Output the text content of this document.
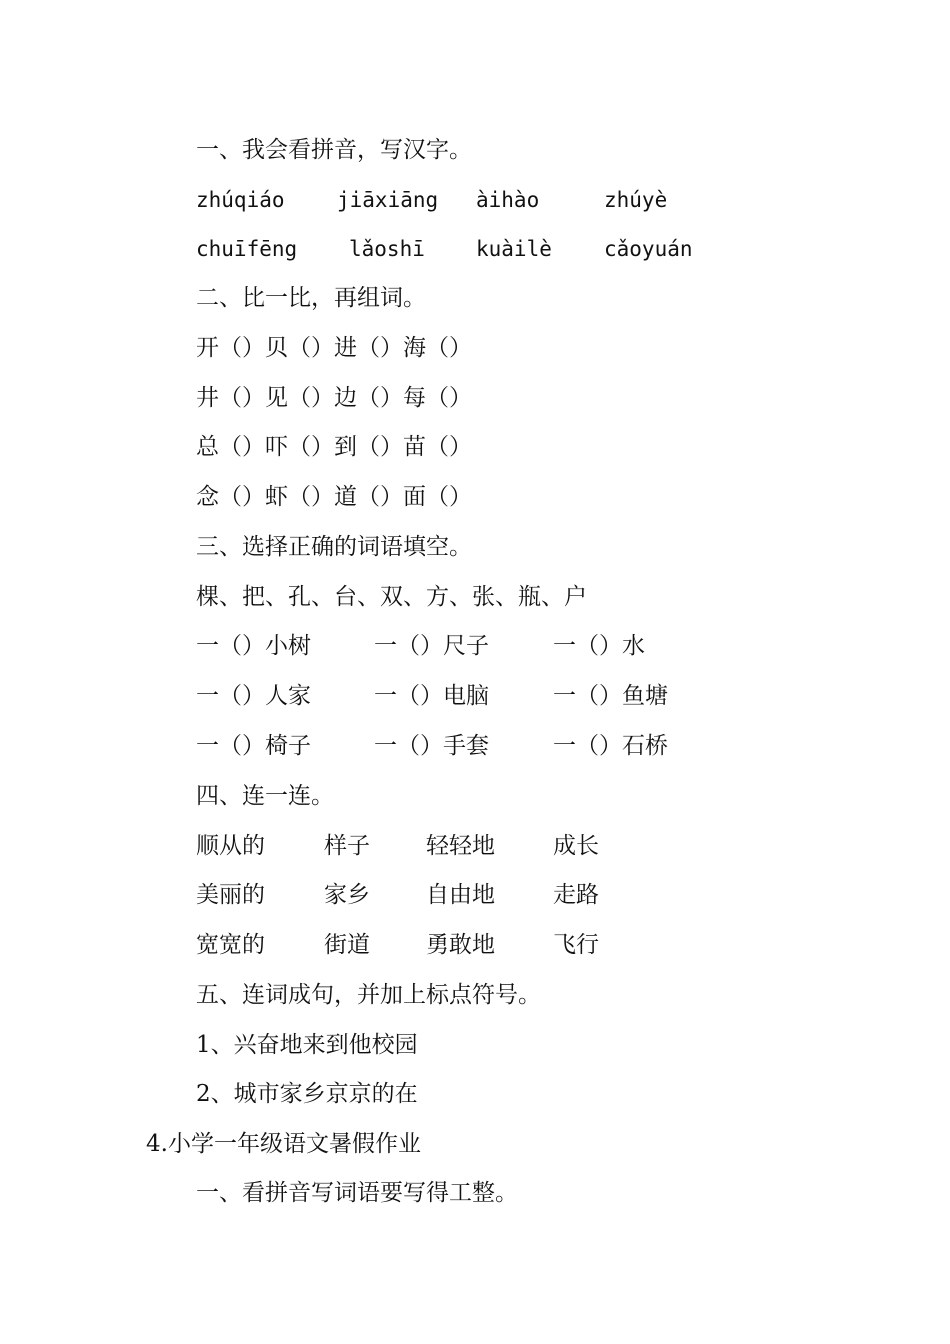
一、我会看拼音，写汉字。
zhúqiáo jiāxiāng àihào	zhúyè
chuīfēng lǎoshī kuàilè cǎoyuán
二、比一比，再组词。
开（）贝（）进（）海（）
井（）见（）边（）每（）
总（）吓（）到（）苗（）
念（）虾（）道（）面（）
三、选择正确的词语填空。
棵、把、孔、台、双、方、张、瓶、户
一（）小树	一（）尺子	一（）水
一（）人家	一（）电脑	一（）鱼塘
一（）椅子	一（）手套	一（）石桥
四、连一连。
顺从的	样子 轻轻地	成长
美丽的	家乡 自由地	走路
宽宽的	街道 勇敢地	飞行
五、连词成句，并加上标点符号。
1、兴奋地来到他校园
2、城市家乡京京的在
4.小学一年级语文暑假作业
一、看拼音写词语要写得工整。
